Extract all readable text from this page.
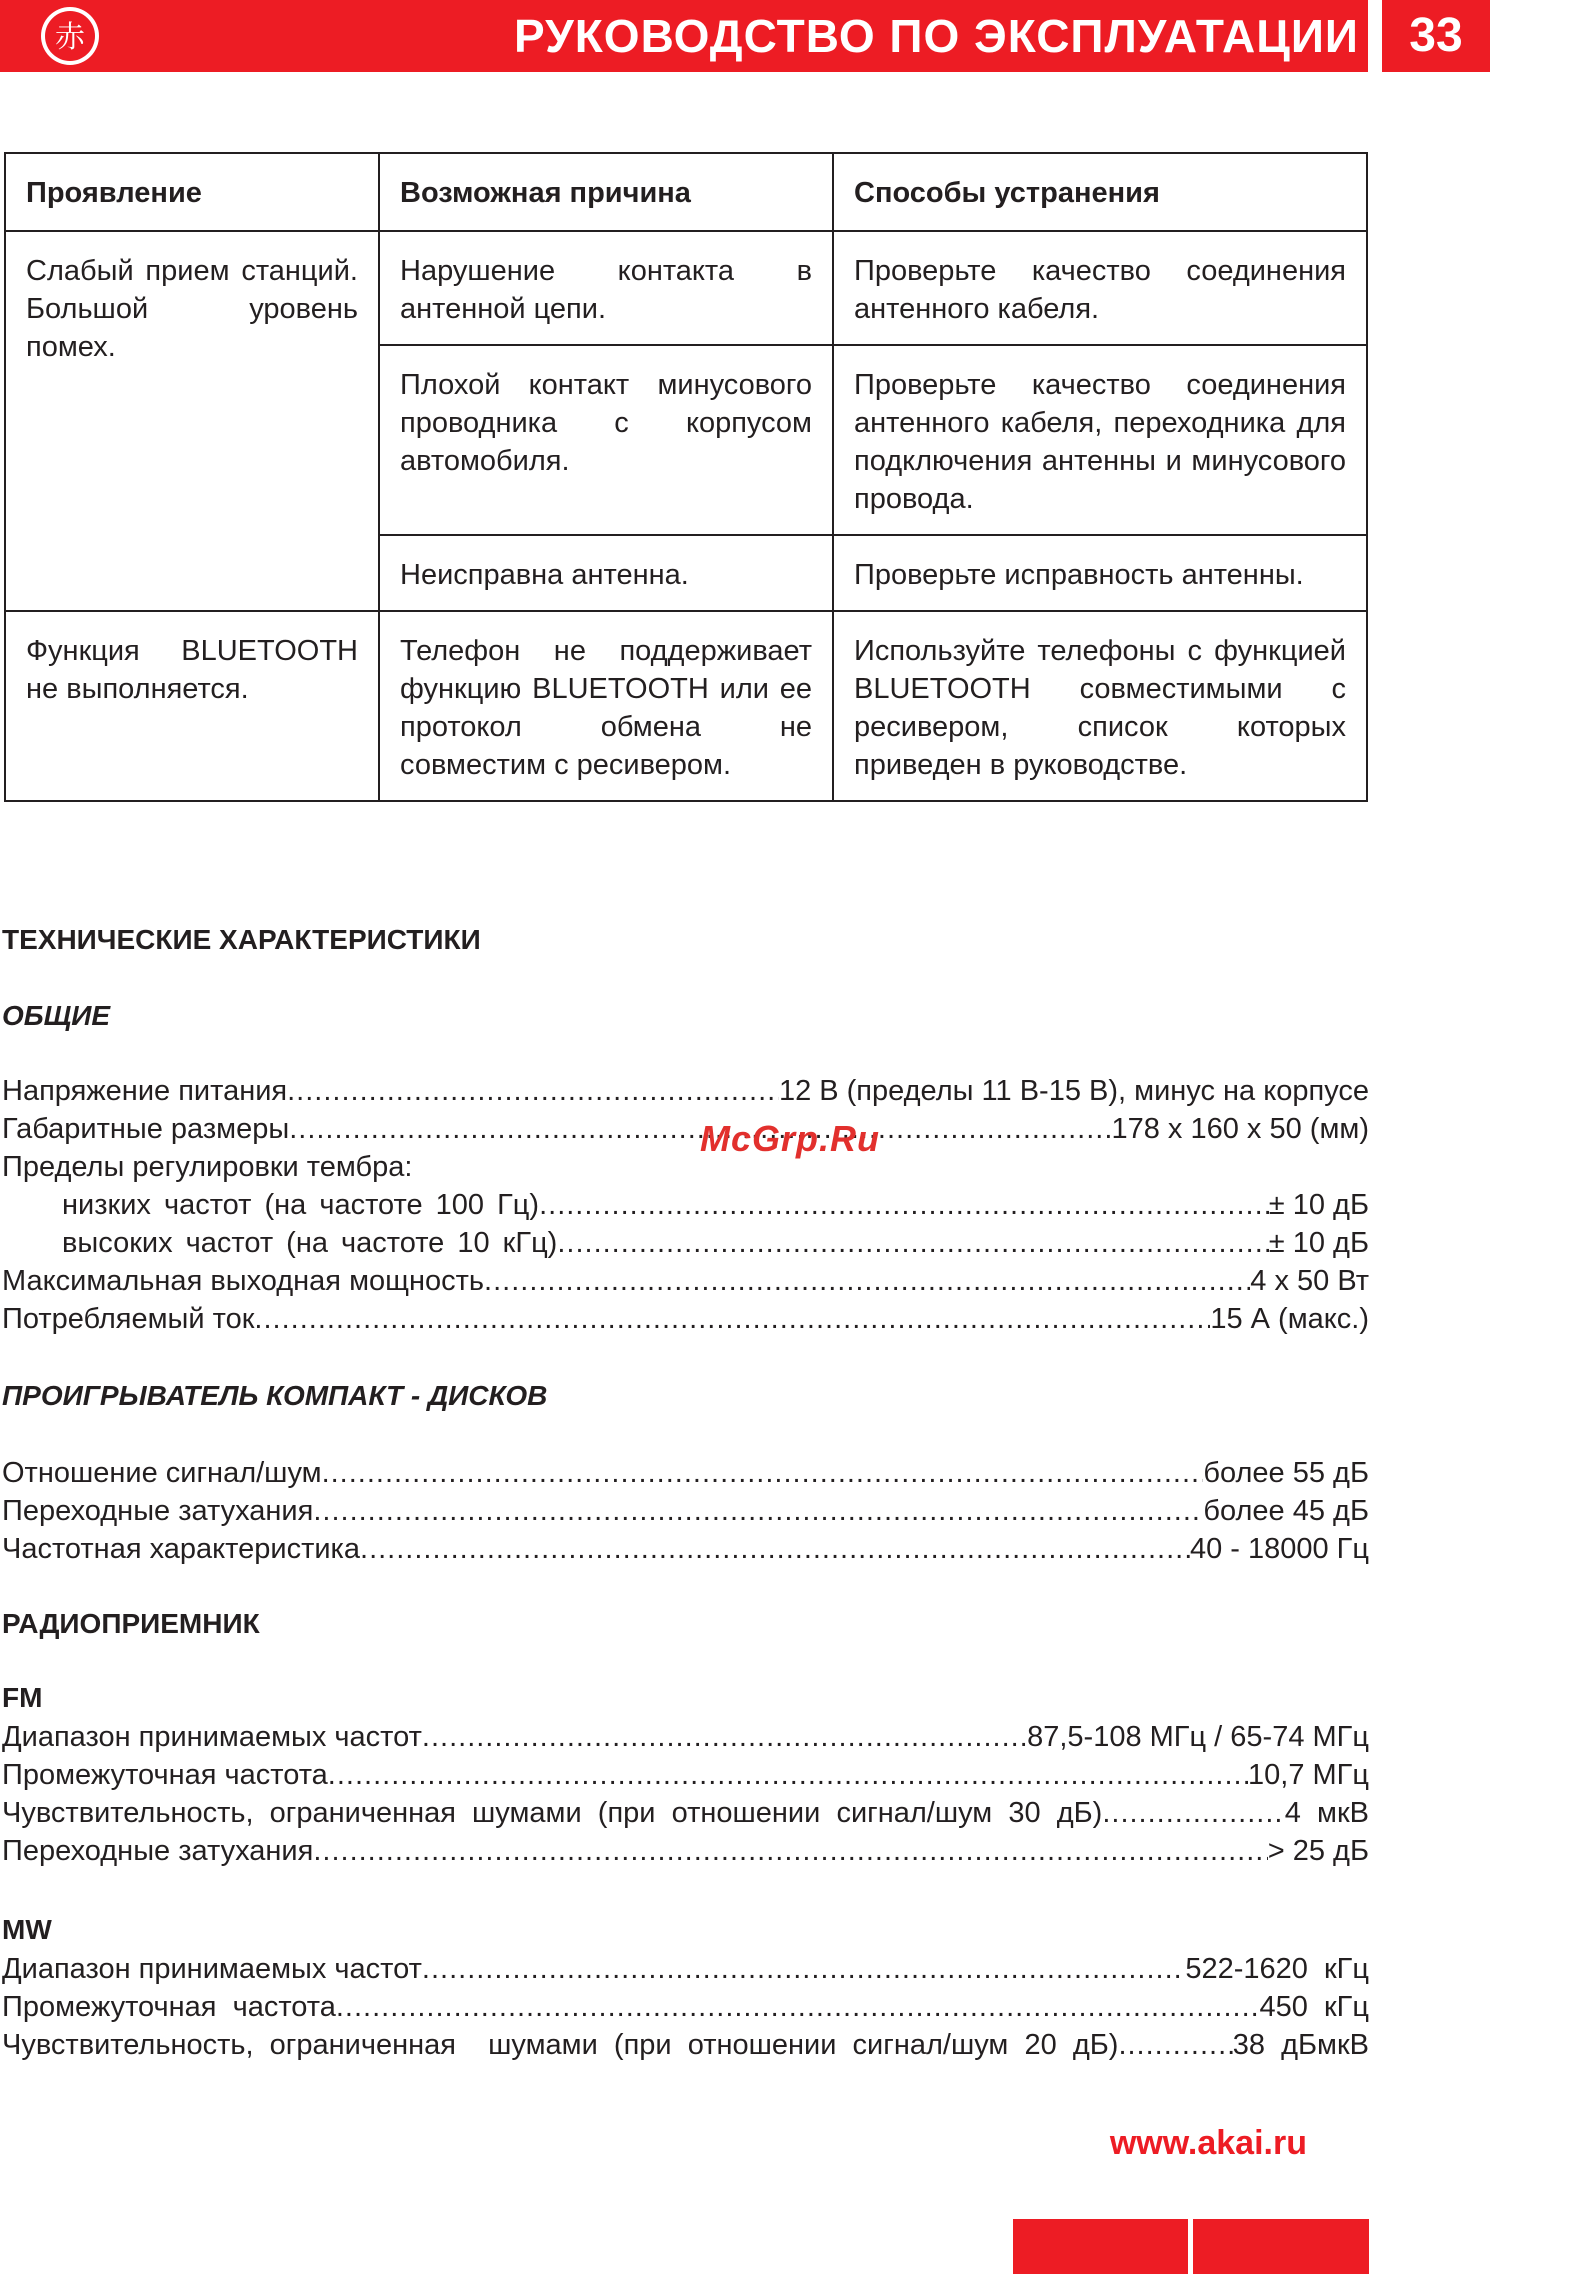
赤	РУКОВОДСТВО ПО ЭКСПЛУАТАЦИИ	33
Проявление	Возможная причина	Способы устранения
Слабый прием станций. Большой уровень помех.	Нарушение контакта в антенной цепи.	Проверьте качество соединения антенного кабеля.
	Плохой контакт минусового проводника с корпусом автомобиля.	Проверьте качество соединения антенного кабеля, переходника для подключения антенны и минусового провода.
	Неисправна антенна.	Проверьте исправность антенны.
Функция BLUETOOTH не выполняется.	Телефон не поддерживает функцию BLUETOOTH или ее протокол обмена не совместим с ресивером.	Используйте телефоны с функцией BLUETOOTH совместимыми с ресивером, список которых приведен в руководстве.
ТЕХНИЧЕСКИЕ ХАРАКТЕРИСТИКИ
ОБЩИЕ
Напряжение питания .....	12 В (пределы 11 В-15 В), минус на корпусе
Габаритные размеры .....	178 x 160 x 50 (мм)
Пределы регулировки тембра:
низких частот (на частоте 100 Гц) .....	± 10 дБ
высоких частот (на частоте 10 кГц) .....	± 10 дБ
Максимальная выходная мощность .....	4 x 50 Вт
Потребляемый ток .....	15 А (макс.)
ПРОИГРЫВАТЕЛЬ КОМПАКТ - ДИСКОВ
Отношение сигнал/шум .....	более 55 дБ
Переходные затухания .....	более 45 дБ
Частотная характеристика .....	40 - 18000 Гц
РАДИОПРИЕМНИК
FM
Диапазон принимаемых частот .....	87,5-108 МГц / 65-74 МГц
Промежуточная частота .....	10,7 МГц
Чувствительность,  ограниченная  шумами  (при  отношении  сигнал/шум  30  дБ) .....	4  мкВ
Переходные затухания .....	> 25 дБ
MW
Диапазон принимаемых частот .....	522-1620  кГц
Промежуточная  частота .....	450  кГц
Чувствительность,  ограниченная    шумами  (при  отношении  сигнал/шум  20  дБ) .....	38  дБмкВ
McGrp.Ru
www.akai.ru
